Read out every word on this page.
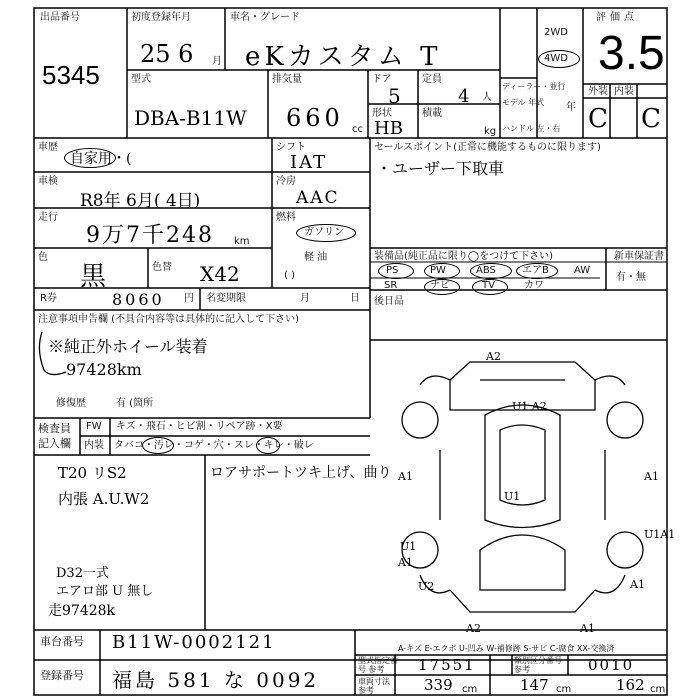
出品番号
5345
初度登録年月
25 6 月
車名・グレード
eKカスタム T
2WD
4WD
評価点
3.5
外装 内装
C C
型式
DBA-B11W
排気量
660 cc
ドア
5
定員
4 人
形状
HB
積載
kg
ディーラー・並行
モデル 年式	年
ハンドル 左・右
車歴
自家用・(
車検
R8年 6月( 4日)
走行
9万7千248 km
色
黒	色替 X42
R券	8060 円 名変期限	月	日
シフト
IAT
冷房
AAC
燃料
ガソリン
軽 油
( )
セールスポイント(正常に機能するものに限ります)
・ユーザー下取車
装備品(純正品に限り◯をつけて下さい)	新車保証書
有・無
PS	PW	ABS	エアB	AW
SR	ナビ	TV	カワ
後日品
注意事項申告欄 (不具合内容等は具体的に記入して下さい)
※純正外ホイール装着
97428km
修復歴	有 (箇所
検査員記入欄
FW キズ・飛石・ヒビ割・リペア跡・X要
内装 タバコ・汚レ・コゲ・穴・スレ・キレ・破レ
T20 リS2
内張 A.U.W2
ロアサポートツキ上げ、曲り
D32一式
エアロ部 U 無し
走97428k
A2
U1 A2
A1	A1
U1
U1A1
U1
A1
U2	A1
A2	A1
A-キズ E-エクボ U-凹み W-補修跡 S-サビ C-腐食 XX-交換済
車台番号 B11W-0002121
登録番号 福島 581 な 0092
型式指定番号 参考	17551	類別区分番号 参考	0010
車両寸法 参考	339	147	162
cm	cm	cm
